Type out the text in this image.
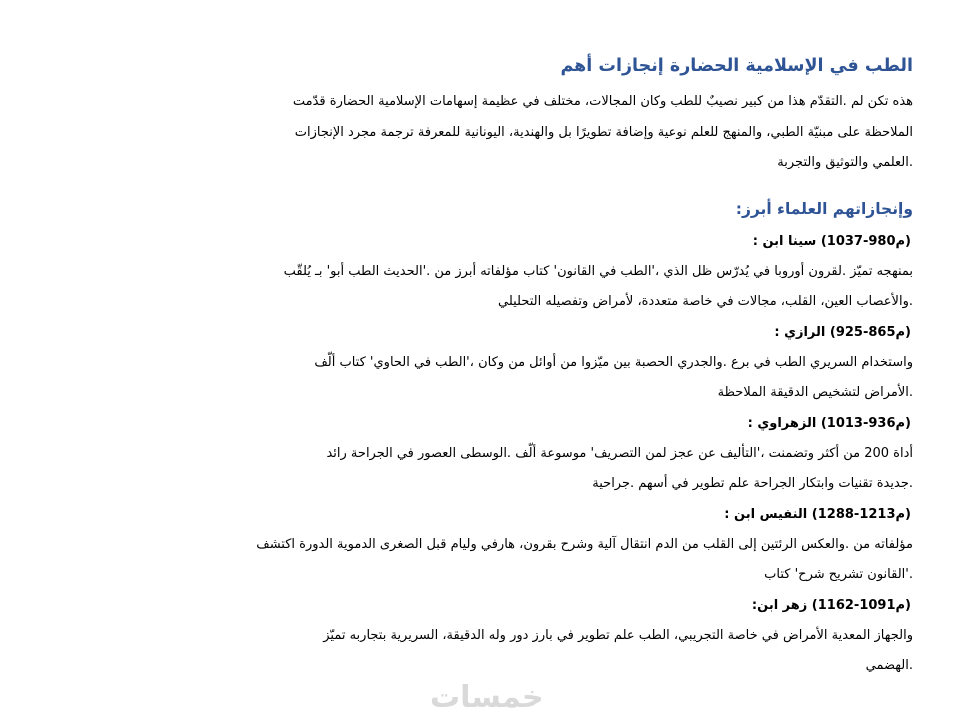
الطب في الإسلامية الحضارة إنجازات أهم
هذه تكن لم .التقدّم هذا من كبير نصيبٌ للطب وكان المجالات، مختلف في عظيمة إسهامات الإسلامية الحضارة قدّمت
الملاحظة على مبنيّة الطبي، والمنهج للعلم نوعية وإضافة تطويرًا بل والهندية، اليونانية للمعرفة ترجمة مجرد الإنجازات
.العلمي والتوثيق والتجربة
وإنجازاتهم العلماء أبرز:
(م980-1037) سينا ابن :
بمنهجه تميّز .لقرون أوروبا في يُدرّس ظل الذي ،'الطب في القانون' كتاب مؤلفاته أبرز من .'الحديث الطب أبو' بـ يُلقّب
.والأعصاب العين، القلب، مجالات في خاصة متعددة، لأمراض وتفصيله التحليلي
(م865-925) الرازي :
واستخدام السريري الطب في برع .والجدري الحصبة بين ميّزوا من أوائل من وكان ،'الطب في الحاوي' كتاب ألّف
.الأمراض لتشخيص الدقيقة الملاحظة
(م936-1013) الزهراوي :
أداة 200 من أكثر وتضمنت ،'التأليف عن عجز لمن التصريف' موسوعة ألّف .الوسطى العصور في الجراحة رائد
.جديدة تقنيات وابتكار الجراحة علم تطوير في أسهم .جراحية
(م1213-1288) النفيس ابن :
مؤلفاته من .والعكس الرئتين إلى القلب من الدم انتقال آلية وشرح بقرون، هارفي وليام قبل الصغرى الدموية الدورة اكتشف
.'القانون تشريح شرح' كتاب
(م1091-1162) زهر ابن:
والجهاز المعدية الأمراض في خاصة التجريبي، الطب علم تطوير في بارز دور وله الدقيقة، السريرية بتجاربه تميّز
.الهضمي
خمسات
